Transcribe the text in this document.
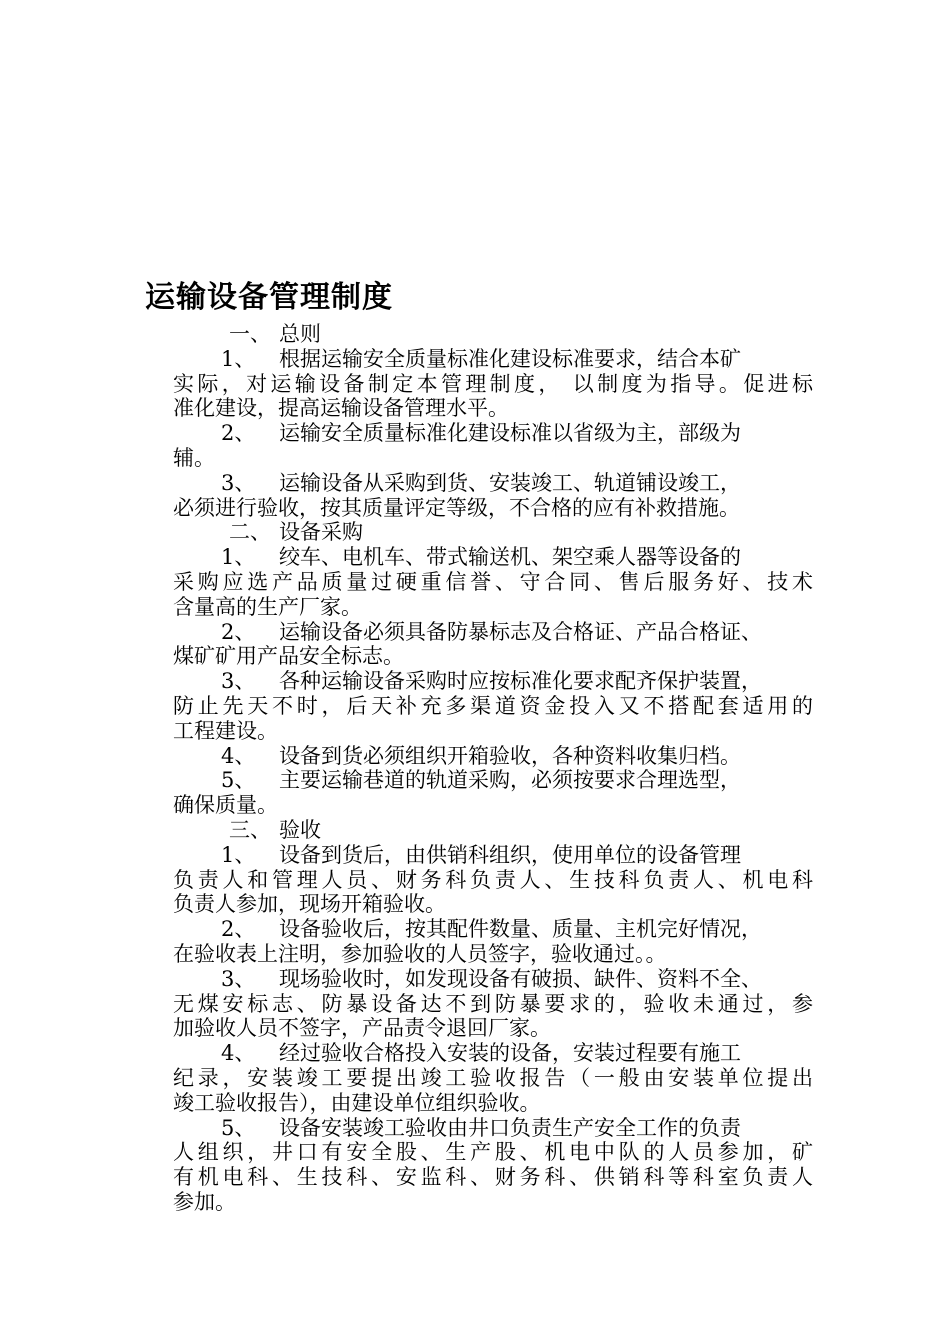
运输设备管理制度
一、 总则
1、 根据运输安全质量标准化建设标准要求，结合本矿
实际，对运输设备制定本管理制度， 以制度为指导。促进标
准化建设，提高运输设备管理水平。
2、 运输安全质量标准化建设标准以省级为主，部级为
辅。
3、 运输设备从采购到货、安装竣工、轨道铺设竣工，
必须进行验收，按其质量评定等级，不合格的应有补救措施。
二、 设备采购
1、 绞车、电机车、带式输送机、架空乘人器等设备的
采购应选产品质量过硬重信誉、守合同、售后服务好、技术
含量高的生产厂家。
2、 运输设备必须具备防暴标志及合格证、产品合格证、
煤矿矿用产品安全标志。
3、 各种运输设备采购时应按标准化要求配齐保护装置，
防止先天不时，后天补充多渠道资金投入又不搭配套适用的
工程建设。
4、 设备到货必须组织开箱验收，各种资料收集归档。
5、 主要运输巷道的轨道采购，必须按要求合理选型，
确保质量。
三、 验收
1、 设备到货后，由供销科组织，使用单位的设备管理
负责人和管理人员、财务科负责人、生技科负责人、机电科
负责人参加，现场开箱验收。
2、 设备验收后，按其配件数量、质量、主机完好情况，
在验收表上注明，参加验收的人员签字，验收通过。。
3、 现场验收时，如发现设备有破损、缺件、资料不全、
无煤安标志、防暴设备达不到防暴要求的，验收未通过，参
加验收人员不签字，产品责令退回厂家。
4、 经过验收合格投入安装的设备，安装过程要有施工
纪录，安装竣工要提出竣工验收报告（一般由安装单位提出
竣工验收报告），由建设单位组织验收。
5、 设备安装竣工验收由井口负责生产安全工作的负责
人组织，井口有安全股、生产股、机电中队的人员参加，矿
有机电科、生技科、安监科、财务科、供销科等科室负责人
参加。
